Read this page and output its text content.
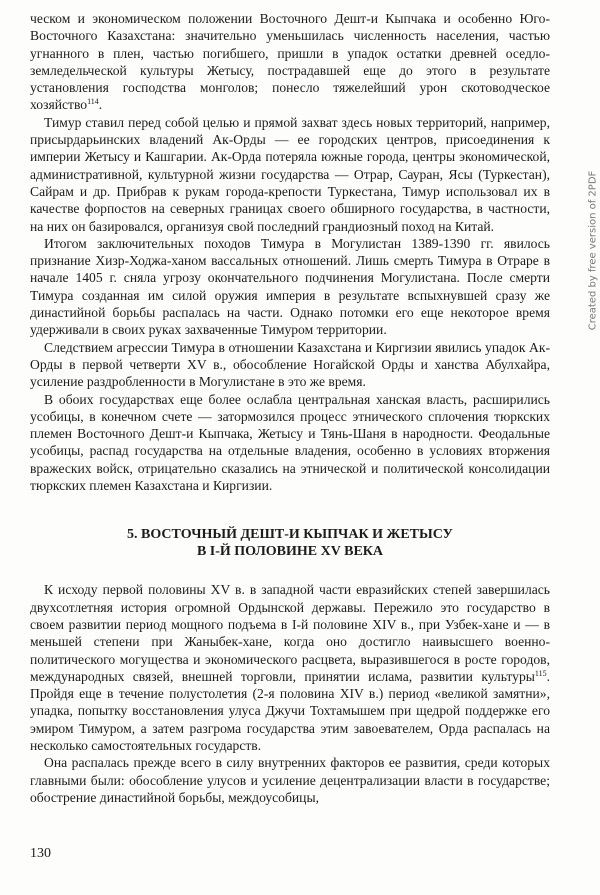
ческом и экономическом положении Восточного Дешт-и Кыпчака и особенно Юго-Восточного Казахстана: значительно уменьшилась численность населения, частью угнанного в плен, частью погибшего, пришли в упадок остатки древней оседло-земледельческой культуры Жетысу, пострадавшей еще до этого в результате установления господства монголов; понесло тяжелейший урон скотоводческое хозяйство$^{114}$.

Тимур ставил перед собой целью и прямой захват здесь новых территорий, например, присырдарьинских владений Ак-Орды — ее городских центров, присоединения к империи Жетысу и Кашгарии. Ак-Орда потеряла южные города, центры экономической, административной, культурной жизни государства — Отрар, Сауран, Ясы (Туркестан), Сайрам и др. Прибрав к рукам города-крепости Туркестана, Тимур использовал их в качестве форпостов на северных границах своего обширного государства, в частности, на них он базировался, организуя свой последний грандиозный поход на Китай.

Итогом заключительных походов Тимура в Могулистан 1389-1390 гг. явилось признание Хизр-Ходжа-ханом вассальных отношений. Лишь смерть Тимура в Отраре в начале 1405 г. сняла угрозу окончательного подчинения Могулистана. После смерти Тимура созданная им силой оружия империя в результате вспыхнувшей сразу же династийной борьбы распалась на части. Однако потомки его еще некоторое время удерживали в своих руках захваченные Тимуром территории.

Следствием агрессии Тимура в отношении Казахстана и Киргизии явились упадок Ак-Орды в первой четверти XV в., обособление Ногайской Орды и ханства Абулхайра, усиление раздробленности в Могулистане в это же время.

В обоих государствах еще более ослабла центральная ханская власть, расширились усобицы, в конечном счете — затормозился процесс этнического сплочения тюркских племен Восточного Дешт-и Кыпчака, Жетысу и Тянь-Шаня в народности. Феодальные усобицы, распад государства на отдельные владения, особенно в условиях вторжения вражеских войск, отрицательно сказались на этнической и политической консолидации тюркских племен Казахстана и Киргизии.

5. ВОСТОЧНЫЙ ДЕШТ-И КЫПЧАК И ЖЕТЫСУ
В I-Й ПОЛОВИНЕ XV ВЕКА

К исходу первой половины XV в. в западной части евразийских степей завершилась двухсотлетняя история огромной Ордынской державы. Пережило это государство в своем развитии период мощного подъема в I-й половине XIV в., при Узбек-хане и — в меньшей степени при Жаныбек-хане, когда оно достигло наивысшего военно-политического могущества и экономического расцвета, выразившегося в росте городов, международных связей, внешней торговли, принятии ислама, развитии культуры$^{115}$. Пройдя еще в течение полустолетия (2-я половина XIV в.) период «великой замятни», упадка, попытку восстановления улуса Джучи Тохтамышем при щедрой поддержке его эмиром Тимуром, а затем разгрома государства этим завоевателем, Орда распалась на несколько самостоятельных государств.

Она распалась прежде всего в силу внутренних факторов ее развития, среди которых главными были: обособление улусов и усиление децентрализации власти в государстве; обострение династийной борьбы, междоусобицы,

130
Created by free version of 2PDF
